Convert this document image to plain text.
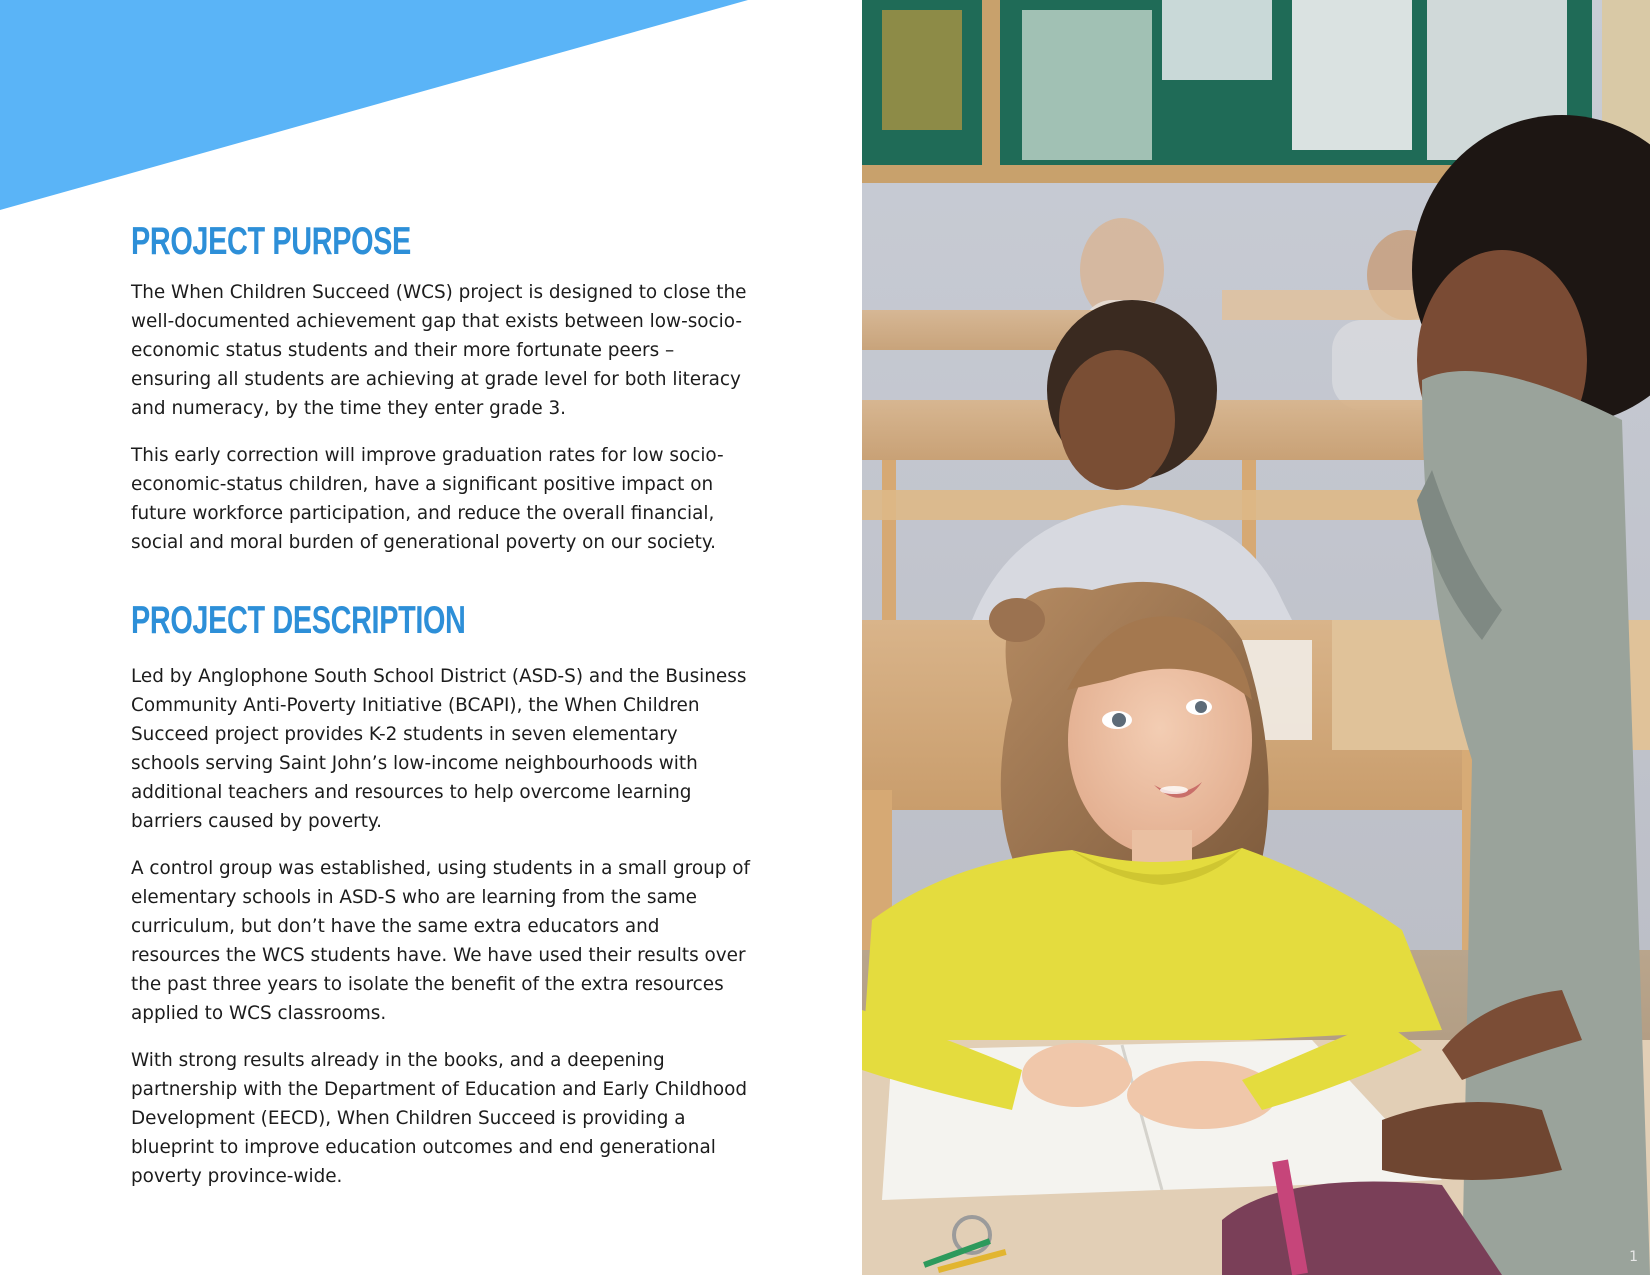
PROJECT PURPOSE

The When Children Succeed (WCS) project is designed to close the well-documented achievement gap that exists between low-socio-economic status students and their more fortunate peers – ensuring all students are achieving at grade level for both literacy and numeracy, by the time they enter grade 3.

This early correction will improve graduation rates for low socio-economic-status children, have a significant positive impact on future workforce participation, and reduce the overall financial, social and moral burden of generational poverty on our society.

PROJECT DESCRIPTION

Led by Anglophone South School District (ASD-S) and the Business Community Anti-Poverty Initiative (BCAPI), the When Children Succeed project provides K-2 students in seven elementary schools serving Saint John’s low-income neighbourhoods with additional teachers and resources to help overcome learning barriers caused by poverty.

A control group was established, using students in a small group of elementary schools in ASD-S who are learning from the same curriculum, but don’t have the same extra educators and resources the WCS students have. We have used their results over the past three years to isolate the benefit of the extra resources applied to WCS classrooms.

With strong results already in the books, and a deepening partnership with the Department of Education and Early Childhood Development (EECD), When Children Succeed is providing a blueprint to improve education outcomes and end generational poverty province-wide.

1
